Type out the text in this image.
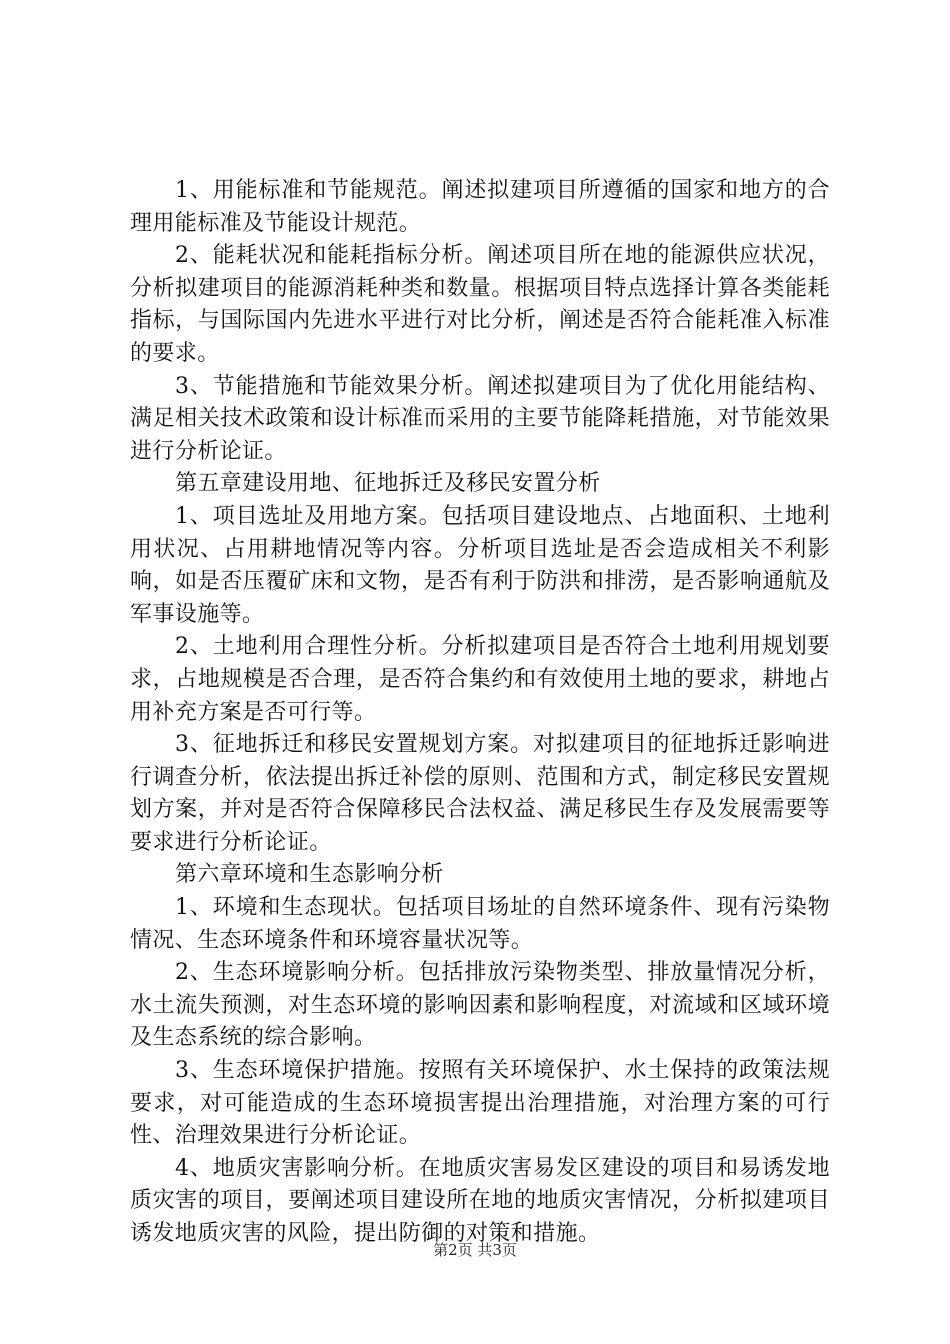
1、用能标准和节能规范。阐述拟建项目所遵循的国家和地方的合理用能标准及节能设计规范。

2、能耗状况和能耗指标分析。阐述项目所在地的能源供应状况，分析拟建项目的能源消耗种类和数量。根据项目特点选择计算各类能耗指标，与国际国内先进水平进行对比分析，阐述是否符合能耗准入标准的要求。

3、节能措施和节能效果分析。阐述拟建项目为了优化用能结构、满足相关技术政策和设计标准而采用的主要节能降耗措施，对节能效果进行分析论证。

第五章建设用地、征地拆迁及移民安置分析

1、项目选址及用地方案。包括项目建设地点、占地面积、土地利用状况、占用耕地情况等内容。分析项目选址是否会造成相关不利影响，如是否压覆矿床和文物，是否有利于防洪和排涝，是否影响通航及军事设施等。

2、土地利用合理性分析。分析拟建项目是否符合土地利用规划要求，占地规模是否合理，是否符合集约和有效使用土地的要求，耕地占用补充方案是否可行等。

3、征地拆迁和移民安置规划方案。对拟建项目的征地拆迁影响进行调查分析，依法提出拆迁补偿的原则、范围和方式，制定移民安置规划方案，并对是否符合保障移民合法权益、满足移民生存及发展需要等要求进行分析论证。

第六章环境和生态影响分析

1、环境和生态现状。包括项目场址的自然环境条件、现有污染物情况、生态环境条件和环境容量状况等。

2、生态环境影响分析。包括排放污染物类型、排放量情况分析，水土流失预测，对生态环境的影响因素和影响程度，对流域和区域环境及生态系统的综合影响。

3、生态环境保护措施。按照有关环境保护、水土保持的政策法规要求，对可能造成的生态环境损害提出治理措施，对治理方案的可行性、治理效果进行分析论证。

4、地质灾害影响分析。在地质灾害易发区建设的项目和易诱发地质灾害的项目，要阐述项目建设所在地的地质灾害情况，分析拟建项目诱发地质灾害的风险，提出防御的对策和措施。

第2页 共3页
